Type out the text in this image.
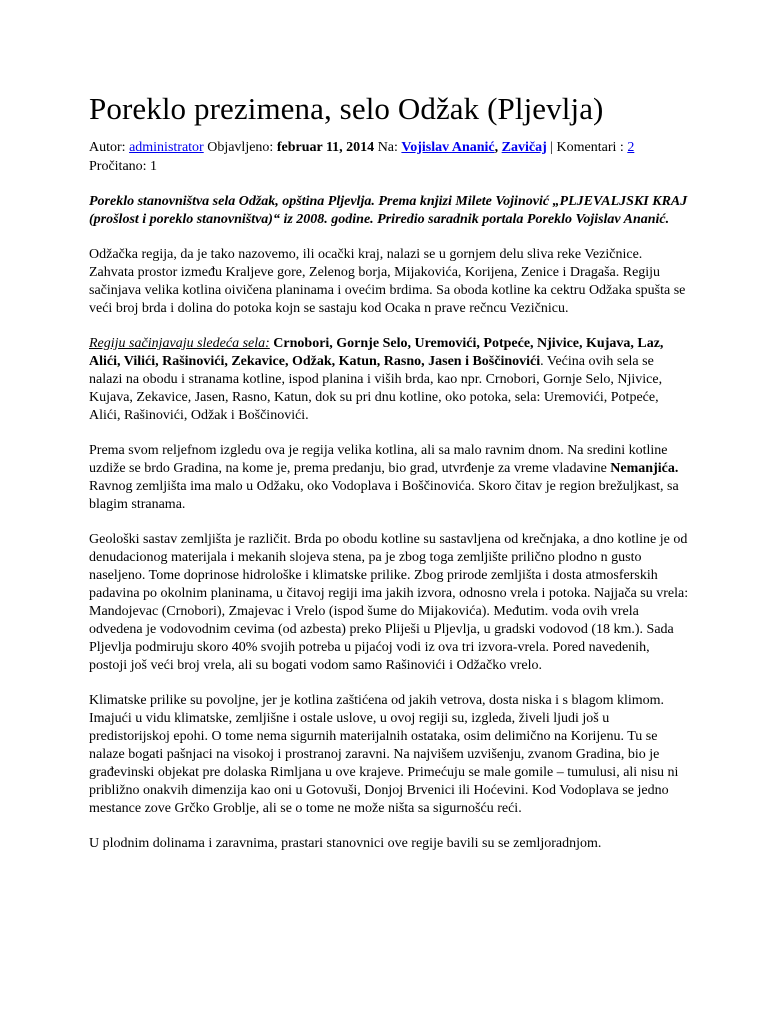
Poreklo prezimena, selo Odžak (Pljevlja)
Autor: administrator Objavljeno: februar 11, 2014 Na: Vojislav Ananić, Zavičaj | Komentari : 2
Pročitano: 1

Poreklo stanovništva sela Odžak, opština Pljevlja. Prema knjizi Milete Vojinović „PLJEVALJSKI KRAJ (prošlost i poreklo stanovništva)“ iz 2008. godine. Priredio saradnik portala Poreklo Vojislav Ananić.

Odžačka regija, da je tako nazovemo, ili ocački kraj, nalazi se u gornjem delu sliva reke Vezičnice. Zahvata prostor između Kraljeve gore, Zelenog borja, Mijakovića, Korijena, Zenice i Dragaša. Regiju sačinjava velika kotlina oivičena planinama i ovećim brdima. Sa oboda kotline ka cektru Odžaka spušta se veći broj brda i dolina do potoka kojn se sastaju kod Ocaka n prave rečncu Vezičnicu.

Regiju sačinjavaju sledeća sela: Crnobori, Gornje Selo, Uremovići, Potpeće, Njivice, Kujava, Laz, Alići, Vilići, Rašinovići, Zekavice, Odžak, Katun, Rasno, Jasen i Boščinovići. Većina ovih sela se nalazi na obodu i stranama kotline, ispod planina i viših brda, kao npr. Crnobori, Gornje Selo, Njivice, Kujava, Zekavice, Jasen, Rasno, Katun, dok su pri dnu kotline, oko potoka, sela: Uremovići, Potpeće, Alići, Rašinovići, Odžak i Boščinovići.

Prema svom reljefnom izgledu ova je regija velika kotlina, ali sa malo ravnim dnom. Na sredini kotline uzdiže se brdo Gradina, na kome je, prema predanju, bio grad, utvrđenje za vreme vladavine Nemanjića. Ravnog zemljišta ima malo u Odžaku, oko Vodoplava i Boščinovića. Skoro čitav je region brežuljkast, sa blagim stranama.

Geološki sastav zemljišta je različit. Brda po obodu kotline su sastavljena od krečnjaka, a dno kotline je od denudacionog materijala i mekanih slojeva stena, pa je zbog toga zemljište prilično plodno n gusto naseljeno. Tome doprinose hidrološke i klimatske prilike. Zbog prirode zemljišta i dosta atmosferskih padavina po okolnim planinama, u čitavoj regiji ima jakih izvora, odnosno vrela i potoka. Najjača su vrela: Mandojevac (Crnobori), Zmajevac i Vrelo (ispod šume do Mijakovića). Međutim. voda ovih vrela odvedena je vodovodnim cevima (od azbesta) preko Pliješi u Pljevlja, u gradski vodovod (18 km.). Sada Pljevlja podmiruju skoro 40% svojih potreba u pijaćoj vodi iz ova tri izvora-vrela. Pored navedenih, postoji još veći broj vrela, ali su bogati vodom samo Rašinovići i Odžačko vrelo.

Klimatske prilike su povoljne, jer je kotlina zaštićena od jakih vetrova, dosta niska i s blagom klimom. Imajući u vidu klimatske, zemljišne i ostale uslove, u ovoj regiji su, izgleda, živeli ljudi još u predistorijskoj epohi. O tome nema sigurnih materijalnih ostataka, osim delimično na Korijenu. Tu se nalaze bogati pašnjaci na visokoj i prostranoj zaravni. Na najvišem uzvišenju, zvanom Gradina, bio je građevinski objekat pre dolaska Rimljana u ove krajeve. Primećuju se male gomile – tumulusi, ali nisu ni približno onakvih dimenzija kao oni u Gotovuši, Donjoj Brvenici ili Hoćevini. Kod Vodoplava se jedno mestance zove Grčko Groblje, ali se o tome ne može ništa sa sigurnošću reći.

U plodnim dolinama i zaravnima, prastari stanovnici ove regije bavili su se zemljoradnjom.
